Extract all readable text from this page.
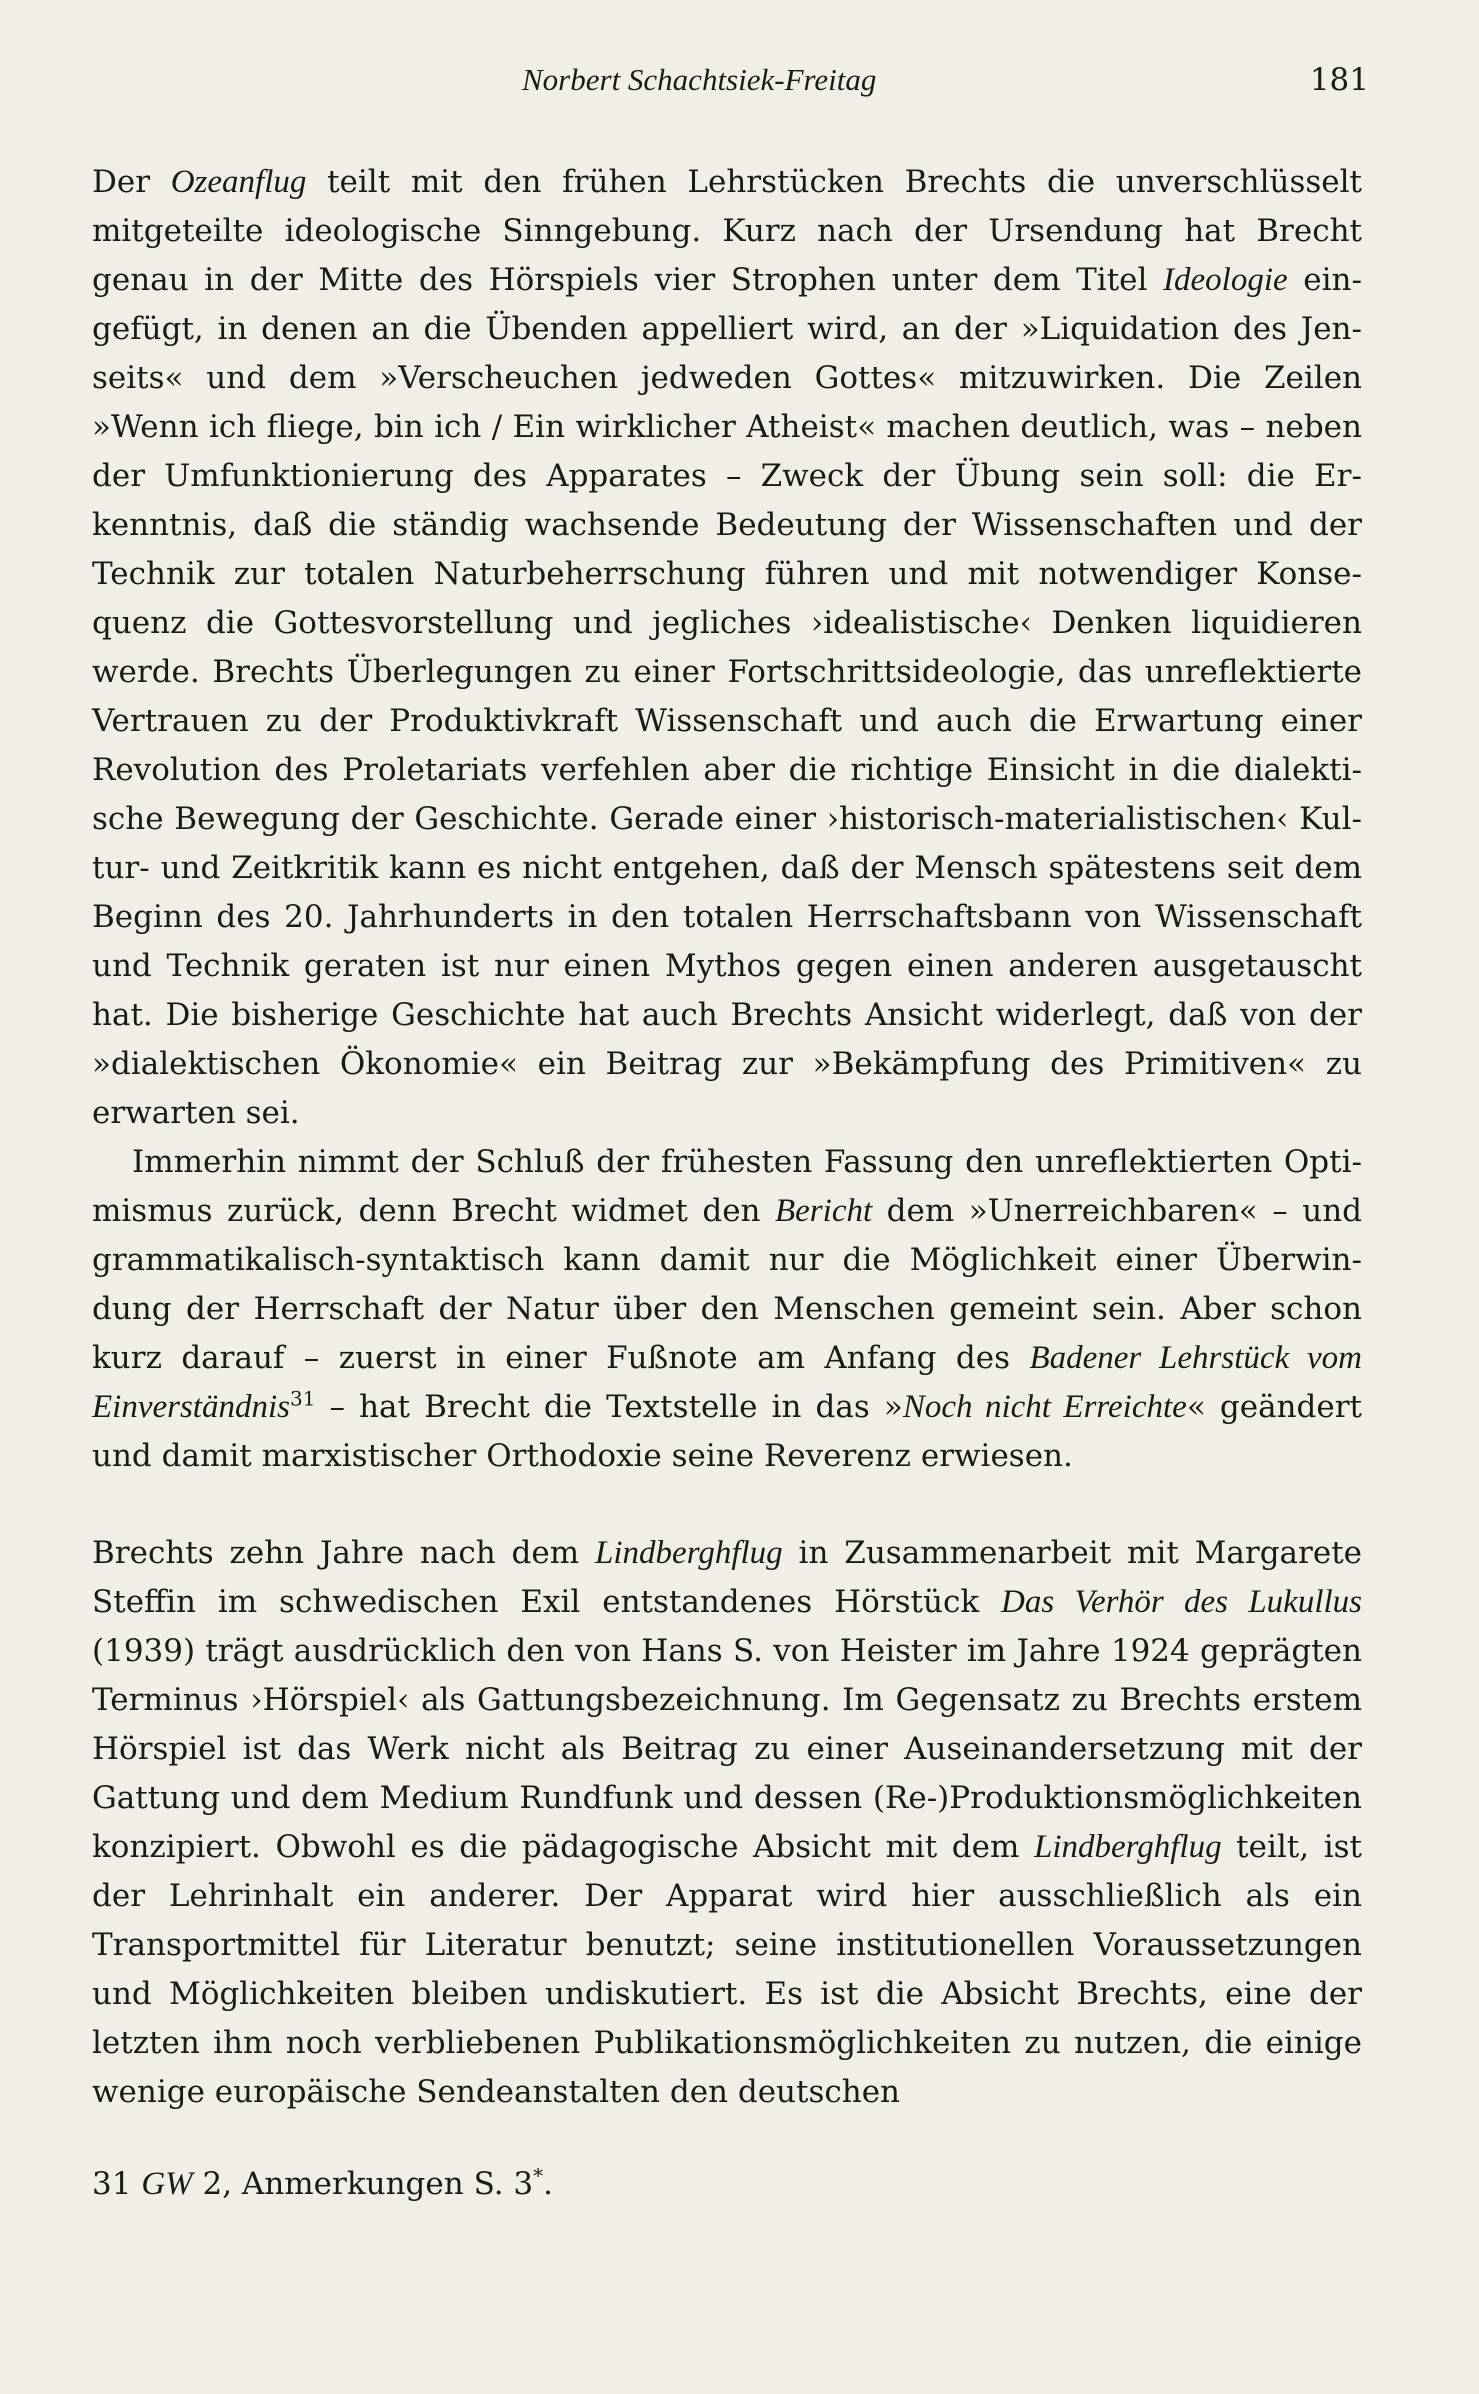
Norbert Schachtsiek-Freitag	181

Der Ozeanflug teilt mit den frühen Lehrstücken Brechts die unverschlüsselt mitgeteilte ideologische Sinngebung. Kurz nach der Ursendung hat Brecht genau in der Mitte des Hörspiels vier Strophen unter dem Titel Ideologie eingefügt, in denen an die Übenden appelliert wird, an der »Liquidation des Jenseits« und dem »Verscheuchen jedweden Gottes« mitzuwirken. Die Zeilen »Wenn ich fliege, bin ich / Ein wirklicher Atheist« machen deutlich, was – neben der Umfunktionierung des Apparates – Zweck der Übung sein soll: die Erkenntnis, daß die ständig wachsende Bedeutung der Wissenschaften und der Technik zur totalen Naturbeherrschung führen und mit notwendiger Konsequenz die Gottesvorstellung und jegliches ›idealistische‹ Denken liquidieren werde. Brechts Überlegungen zu einer Fortschrittsideologie, das unreflektierte Vertrauen zu der Produktivkraft Wissenschaft und auch die Erwartung einer Revolution des Proletariats verfehlen aber die richtige Einsicht in die dialektische Bewegung der Geschichte. Gerade einer ›historisch-materialistischen‹ Kultur- und Zeitkritik kann es nicht entgehen, daß der Mensch spätestens seit dem Beginn des 20. Jahrhunderts in den totalen Herrschaftsbann von Wissenschaft und Technik geraten ist nur einen Mythos gegen einen anderen ausgetauscht hat. Die bisherige Geschichte hat auch Brechts Ansicht widerlegt, daß von der »dialektischen Ökonomie« ein Beitrag zur »Bekämpfung des Primitiven« zu erwarten sei.

Immerhin nimmt der Schluß der frühesten Fassung den unreflektierten Optimismus zurück, denn Brecht widmet den Bericht dem »Unerreichbaren« – und grammatikalisch-syntaktisch kann damit nur die Möglichkeit einer Überwindung der Herrschaft der Natur über den Menschen gemeint sein. Aber schon kurz darauf – zuerst in einer Fußnote am Anfang des Badener Lehrstück vom Einverständnis$^{31}$ – hat Brecht die Textstelle in das »Noch nicht Erreichte« geändert und damit marxistischer Orthodoxie seine Reverenz erwiesen.

Brechts zehn Jahre nach dem Lindberghflug in Zusammenarbeit mit Margarete Steffin im schwedischen Exil entstandenes Hörstück Das Verhör des Lukullus (1939) trägt ausdrücklich den von Hans S. von Heister im Jahre 1924 geprägten Terminus ›Hörspiel‹ als Gattungsbezeichnung. Im Gegensatz zu Brechts erstem Hörspiel ist das Werk nicht als Beitrag zu einer Auseinandersetzung mit der Gattung und dem Medium Rundfunk und dessen (Re-)Produktionsmöglichkeiten konzipiert. Obwohl es die pädagogische Absicht mit dem Lindberghflug teilt, ist der Lehrinhalt ein anderer. Der Apparat wird hier ausschließlich als ein Transportmittel für Literatur benutzt; seine institutionellen Voraussetzungen und Möglichkeiten bleiben undiskutiert. Es ist die Absicht Brechts, eine der letzten ihm noch verbliebenen Publikationsmöglichkeiten zu nutzen, die einige wenige europäische Sendeanstalten den deutschen

31 GW 2, Anmerkungen S. 3*.
